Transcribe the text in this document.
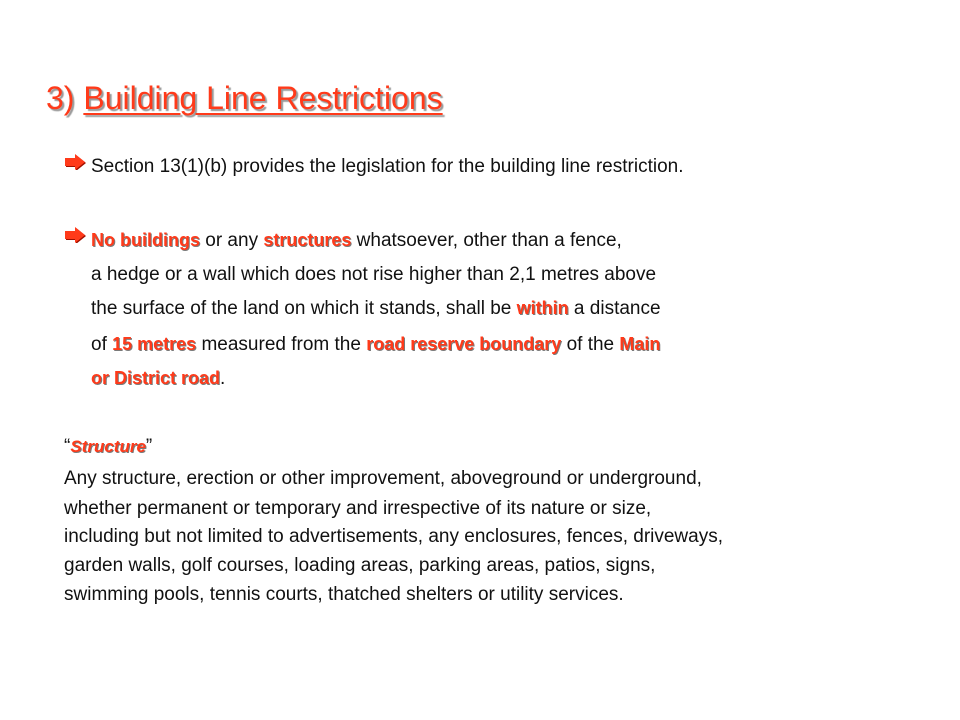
3) Building Line Restrictions
Section 13(1)(b) provides the legislation for the building line restriction.
No buildings or any structures whatsoever, other than a fence,
a hedge or a wall which does not rise higher than 2,1 metres above
the surface of the land on which it stands, shall be within a distance
of 15 metres measured from the road reserve boundary of the Main
or District road.
“Structure”
Any structure, erection or other improvement, aboveground or underground,
whether permanent or temporary and irrespective of its nature or size,
including but not limited to advertisements, any enclosures, fences, driveways,
garden walls, golf courses, loading areas, parking areas, patios, signs,
swimming pools, tennis courts, thatched shelters or utility services.
